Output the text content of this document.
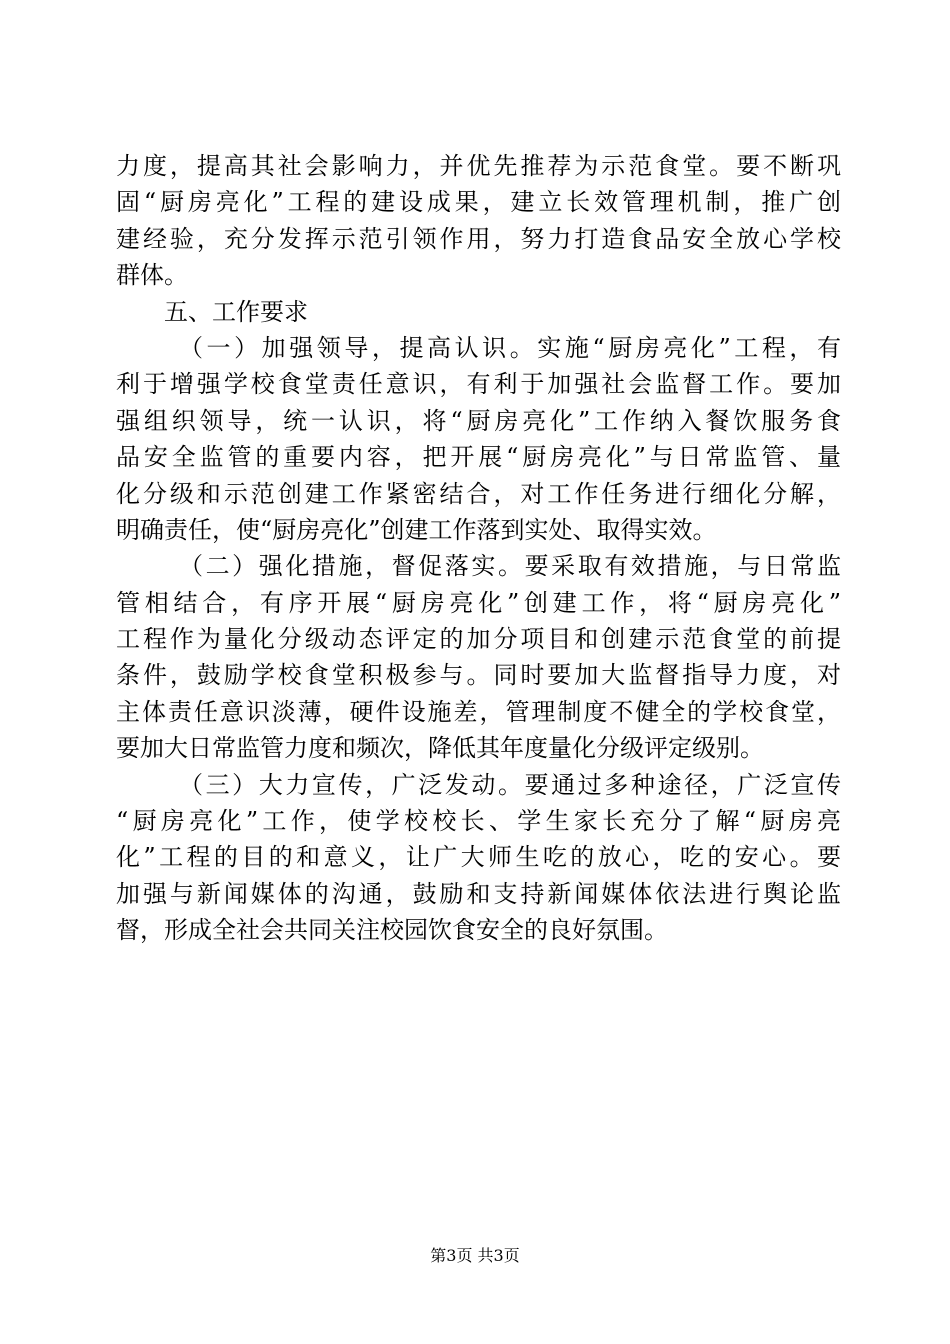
力度，提高其社会影响力，并优先推荐为示范食堂。要不断巩
固“厨房亮化”工程的建设成果，建立长效管理机制，推广创
建经验，充分发挥示范引领作用，努力打造食品安全放心学校
群体。
五、工作要求
（一）加强领导，提高认识。实施“厨房亮化”工程，有
利于增强学校食堂责任意识，有利于加强社会监督工作。要加
强组织领导，统一认识，将“厨房亮化”工作纳入餐饮服务食
品安全监管的重要内容，把开展“厨房亮化”与日常监管、量
化分级和示范创建工作紧密结合，对工作任务进行细化分解，
明确责任，使“厨房亮化”创建工作落到实处、取得实效。
（二）强化措施，督促落实。要采取有效措施，与日常监
管相结合，有序开展“厨房亮化”创建工作，将“厨房亮化”
工程作为量化分级动态评定的加分项目和创建示范食堂的前提
条件，鼓励学校食堂积极参与。同时要加大监督指导力度，对
主体责任意识淡薄，硬件设施差，管理制度不健全的学校食堂，
要加大日常监管力度和频次，降低其年度量化分级评定级别。
（三）大力宣传，广泛发动。要通过多种途径，广泛宣传
“厨房亮化”工作，使学校校长、学生家长充分了解“厨房亮
化”工程的目的和意义，让广大师生吃的放心，吃的安心。要
加强与新闻媒体的沟通，鼓励和支持新闻媒体依法进行舆论监
督，形成全社会共同关注校园饮食安全的良好氛围。
第3页 共3页
